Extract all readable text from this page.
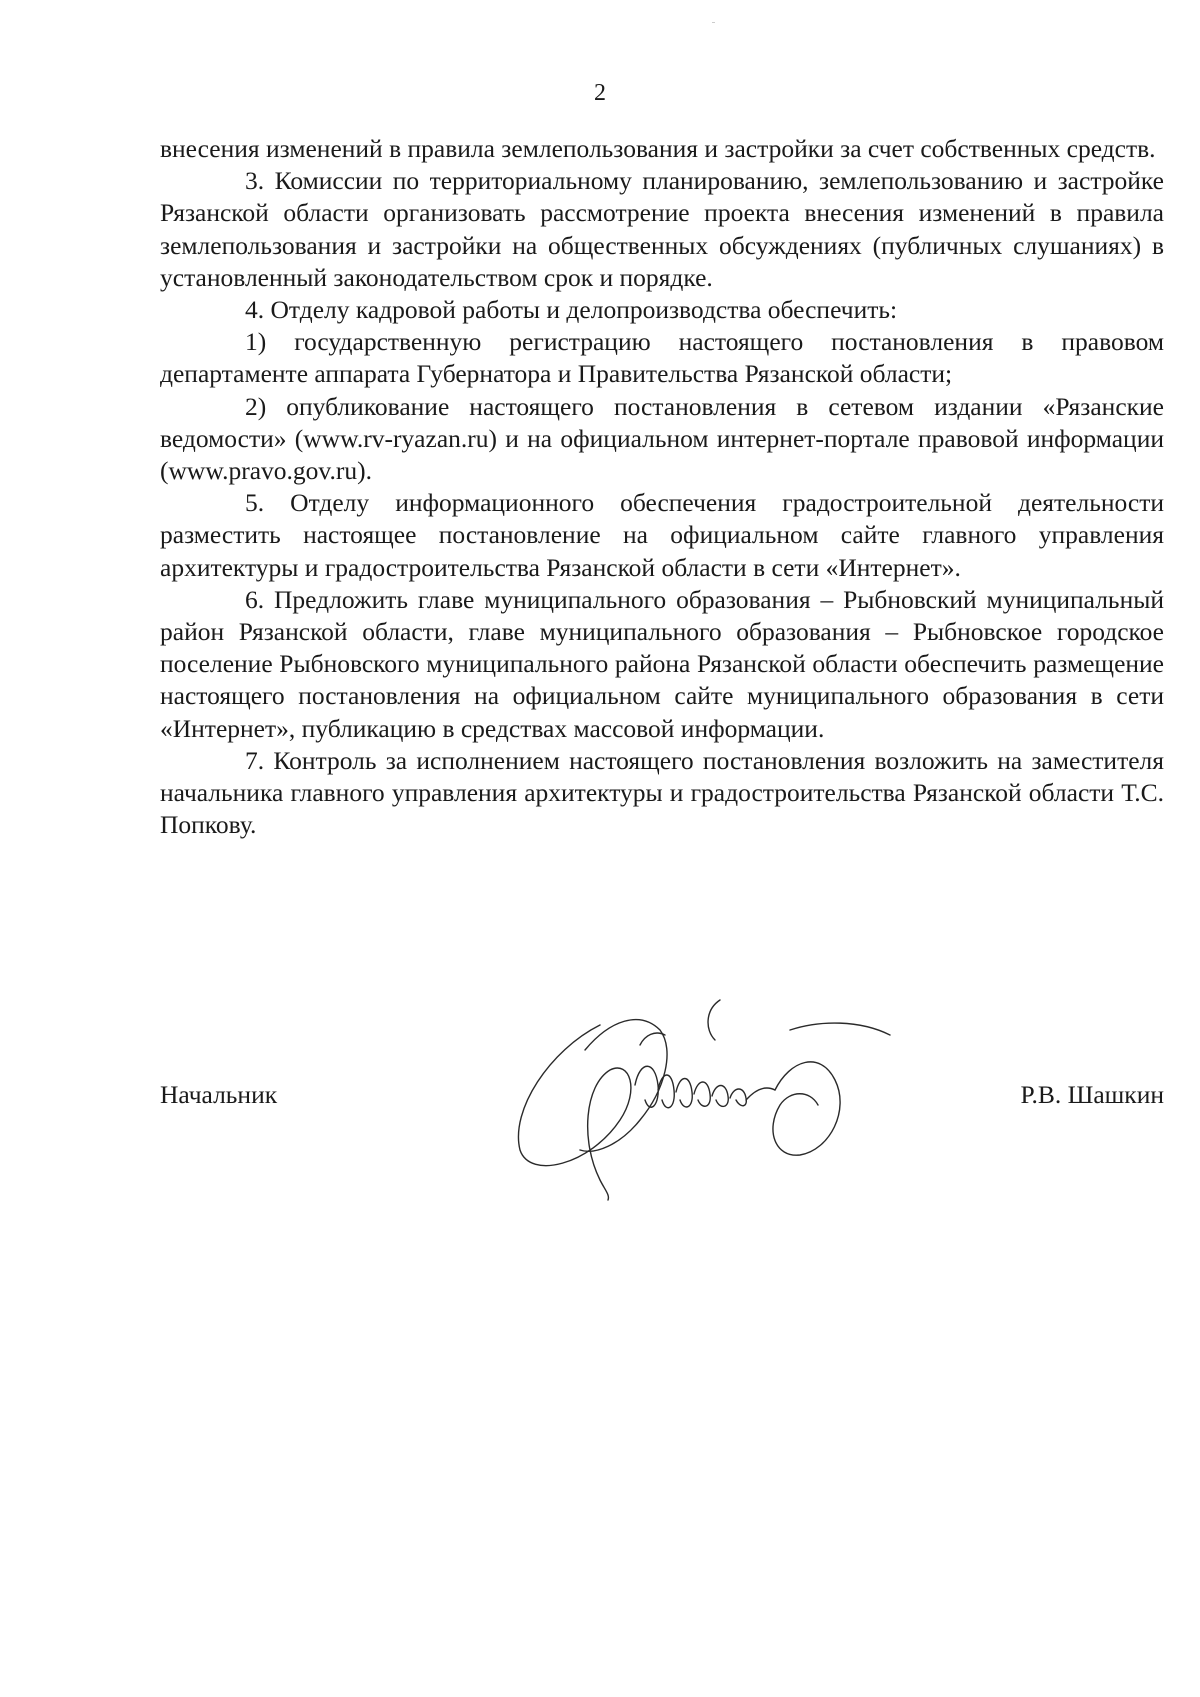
2

внесения изменений в правила землепользования и застройки за счет собственных средств.

3. Комиссии по территориальному планированию, землепользованию и застройке Рязанской области организовать рассмотрение проекта внесения изменений в правила землепользования и застройки на общественных обсуждениях (публичных слушаниях) в установленный законодательством срок и порядке.

4. Отделу кадровой работы и делопроизводства обеспечить:

1) государственную регистрацию настоящего постановления в правовом департаменте аппарата Губернатора и Правительства Рязанской области;

2) опубликование настоящего постановления в сетевом издании «Рязанские ведомости» (www.rv-ryazan.ru) и на официальном интернет-портале правовой информации (www.pravo.gov.ru).

5. Отделу информационного обеспечения градостроительной деятельности разместить настоящее постановление на официальном сайте главного управления архитектуры и градостроительства Рязанской области в сети «Интернет».

6. Предложить главе муниципального образования – Рыбновский муниципальный район Рязанской области, главе муниципального образования – Рыбновское городское поселение Рыбновского муниципального района Рязанской области обеспечить размещение настоящего постановления на официальном сайте муниципального образования в сети «Интернет», публикацию в средствах массовой информации.

7. Контроль за исполнением настоящего постановления возложить на заместителя начальника главного управления архитектуры и градостроительства Рязанской области Т.С. Попкову.

Начальник	Р.В. Шашкин
